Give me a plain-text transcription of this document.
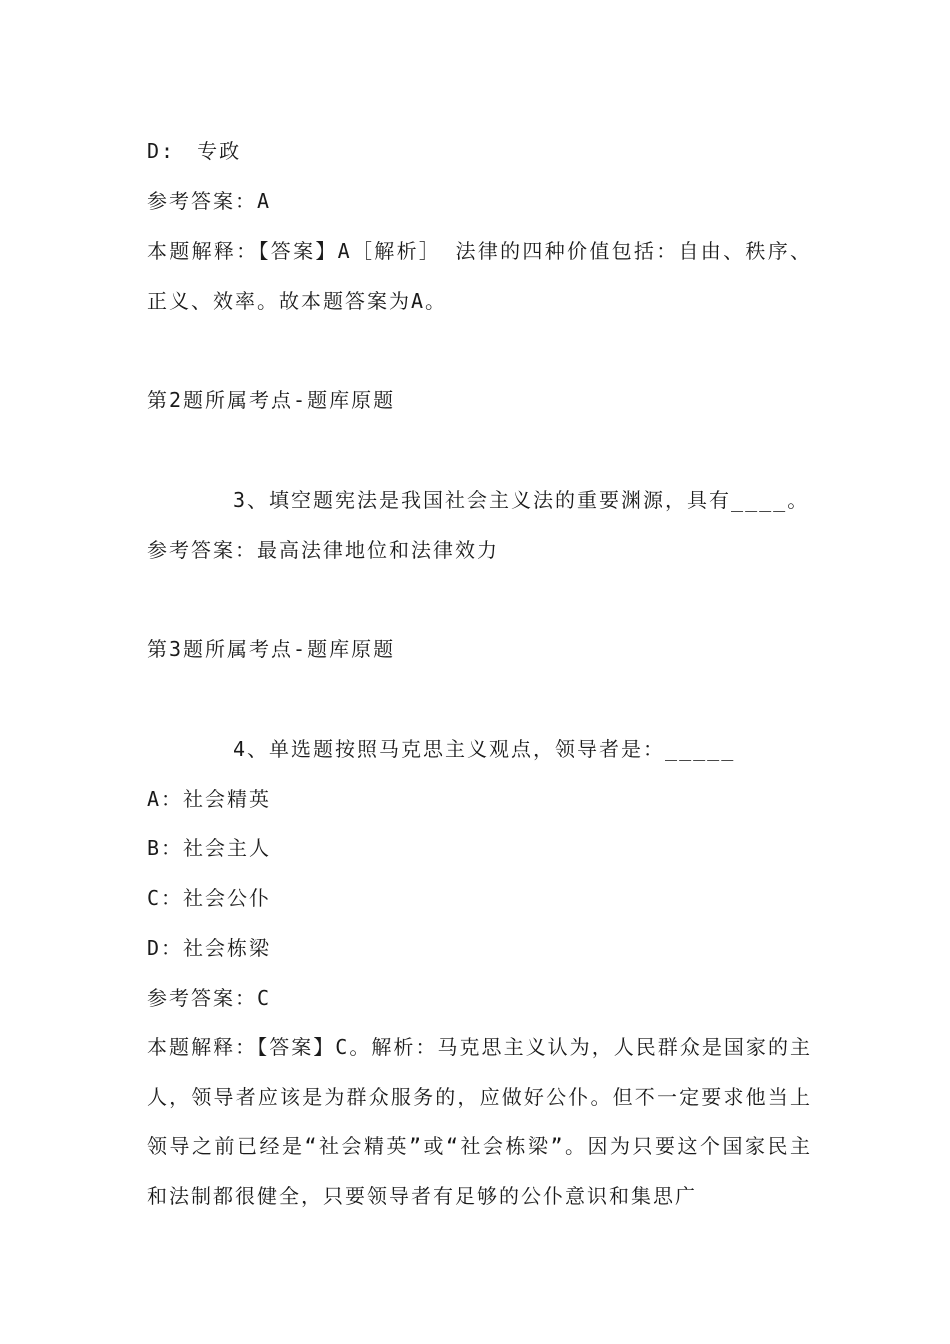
D:　专政
参考答案：A
本题解释：【答案】A［解析］ 法律的四种价值包括：自由、秩序、正义、效率。故本题答案为A。
第2题所属考点-题库原题
3、填空题宪法是我国社会主义法的重要渊源，具有____。
参考答案：最高法律地位和法律效力
第3题所属考点-题库原题
4、单选题按照马克思主义观点，领导者是：_____
A：社会精英
B：社会主人
C：社会公仆
D：社会栋梁
参考答案：C
本题解释：【答案】C。解析：马克思主义认为，人民群众是国家的主人，领导者应该是为群众服务的，应做好公仆。但不一定要求他当上领导之前已经是“社会精英”或“社会栋梁”。因为只要这个国家民主和法制都很健全，只要领导者有足够的公仆意识和集思广
